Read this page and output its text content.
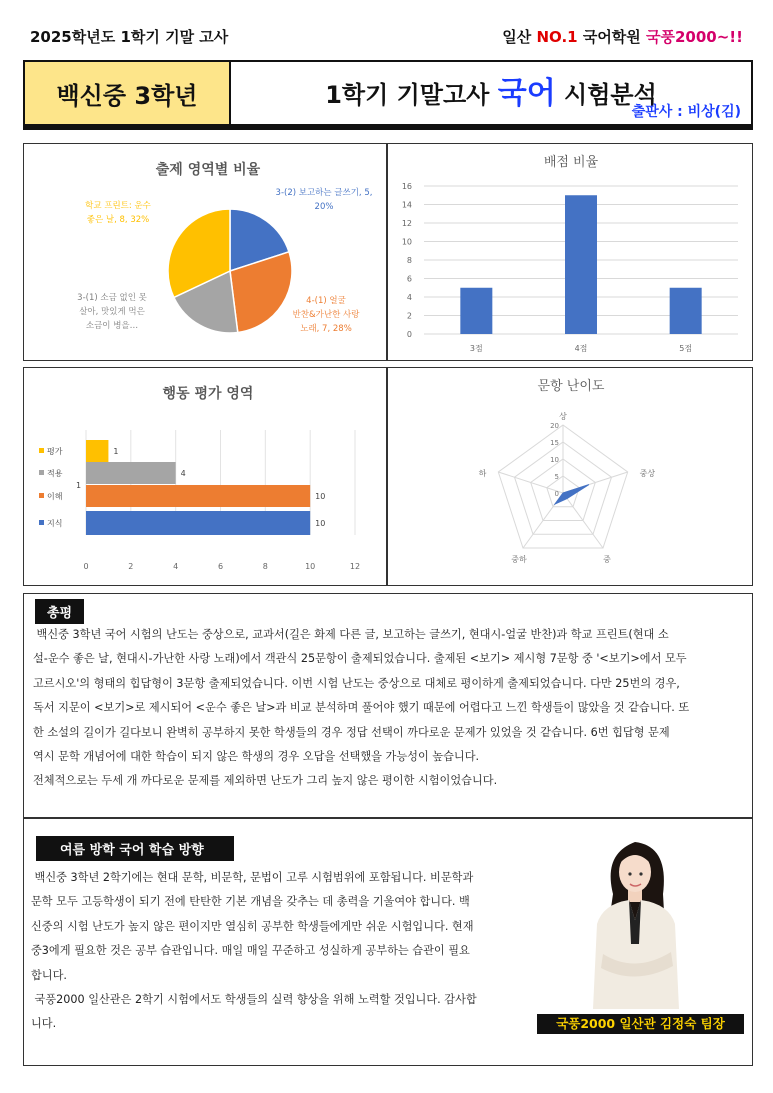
2025학년도 1학기 기말 고사	일산 NO.1 국어학원 국풍2000~!!
백신중 3학년	1학기 기말고사 국어 시험분석
출판사 : 비상(김)
출제 영역별 비율
3-(2) 보고하는 글쓰기, 5,
20%
4-(1) 얼굴
반찬&가난한 사랑
노래, 7, 28%
3-(1) 소금 없인 못
살아, 맛있게 먹은
소금이 병을…
학교 프린트: 운수
좋은 날, 8, 32%
배점 비율
0
2
4
6
8
10
12
14
16
3점	4점	5점
행동 평가 영역
1
4
10
10
1
평가
적용
이해
지식
0	2	4	6	8	10	12
문항 난이도
0
5
10
15
20
상
중상
중
중하
하
총평

백신중 3학년 국어 시험의 난도는 중상으로, 교과서(길은 화제 다른 글, 보고하는 글쓰기, 현대시-얼굴 반찬)과 학교 프린트(현대 소

설-운수 좋은 날, 현대시-가난한 사랑 노래)에서 객관식 25문항이 출제되었습니다. 출제된 <보기> 제시형 7문항 중 '<보기>에서 모두

고르시오'의 형태의 힙답형이 3문항 출제되었습니다. 이번 시험 난도는 중상으로 대체로 평이하게 출제되었습니다. 다만 25번의 경우,

독서 지문이 <보기>로 제시되어 <운수 좋은 날>과 비교 분석하며 풀어야 했기 때문에 어렵다고 느낀 학생들이 많았을 것 같습니다. 또

한 소설의 길이가 길다보니 완벽히 공부하지 못한 학생들의 경우 정답 선택이 까다로운 문제가 있었을 것 같습니다. 6번 힙답형 문제

역시 문학 개념어에 대한 학습이 되지 않은 학생의 경우 오답을 선택했을 가능성이 높습니다.

전체적으로는 두세 개 까다로운 문제를 제외하면 난도가 그리 높지 않은 평이한 시험이었습니다.

여름 방학 국어 학습 방향

백신중 3학년 2학기에는 현대 문학, 비문학, 문법이 고루 시험범위에 포함됩니다. 비문학과

문학 모두 고등학생이 되기 전에 탄탄한 기본 개념을 갖추는 데 총력을 기울여야 합니다. 백

신중의 시험 난도가 높지 않은 편이지만 열심히 공부한 학생들에게만 쉬운 시험입니다. 현재

중3에게 필요한 것은 공부 습관입니다. 매일 매일 꾸준하고 성실하게 공부하는 습관이 필요

합니다.

국풍2000 일산관은 2학기 시험에서도 학생들의 실력 향상을 위해 노력할 것입니다. 감사합

니다.	국풍2000 일산관 김정숙 팀장
